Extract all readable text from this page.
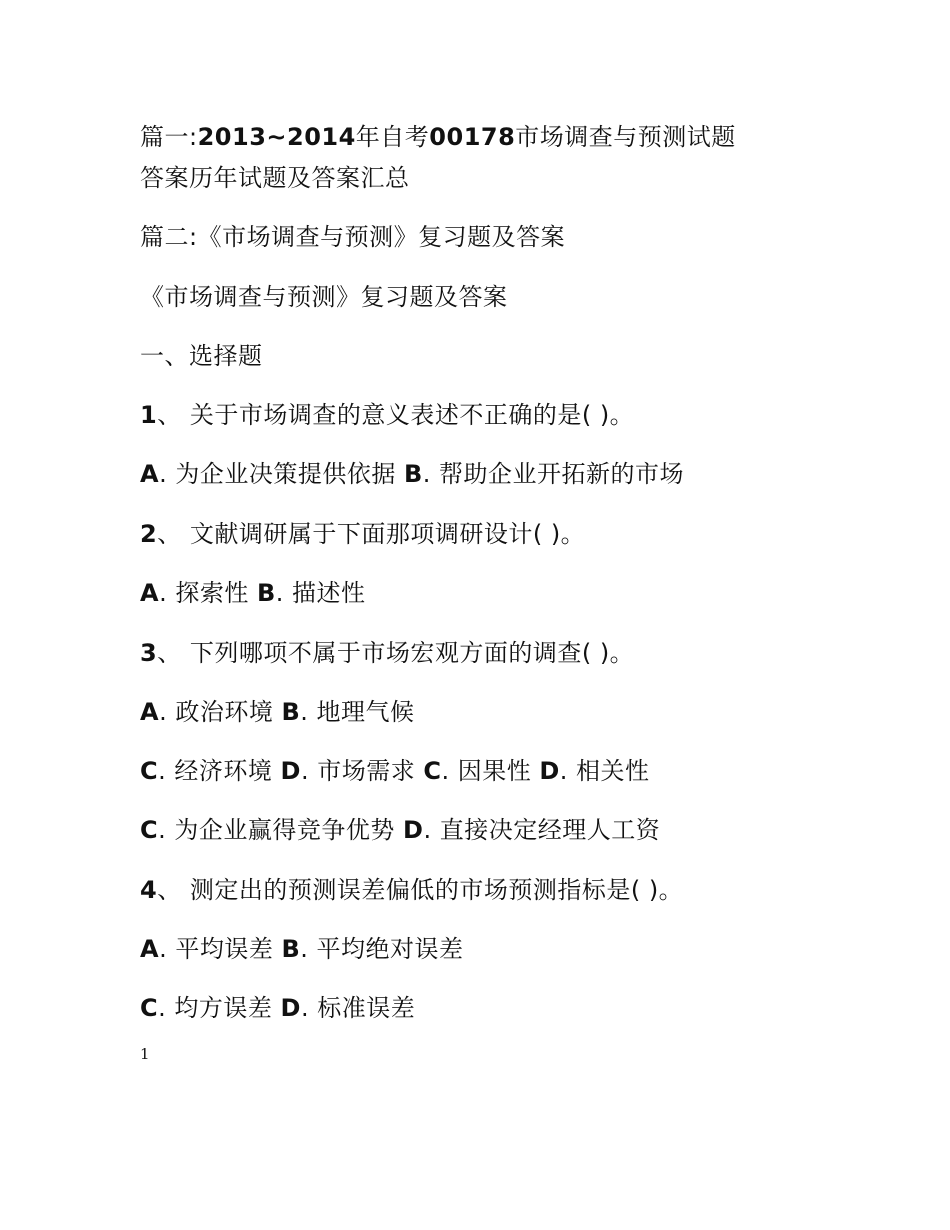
篇一:2013~2014年自考00178市场调查与预测试题

答案历年试题及答案汇总

篇二:《市场调查与预测》复习题及答案

《市场调查与预测》复习题及答案

一、选择题

1、 关于市场调查的意义表述不正确的是( )。

A. 为企业决策提供依据 B. 帮助企业开拓新的市场

2、 文献调研属于下面那项调研设计( )。

A. 探索性 B. 描述性

3、 下列哪项不属于市场宏观方面的调查( )。

A. 政治环境 B. 地理气候

C. 经济环境 D. 市场需求 C. 因果性 D. 相关性

C. 为企业赢得竞争优势 D. 直接决定经理人工资

4、 测定出的预测误差偏低的市场预测指标是( )。

A. 平均误差 B. 平均绝对误差

C. 均方误差 D. 标准误差

1
